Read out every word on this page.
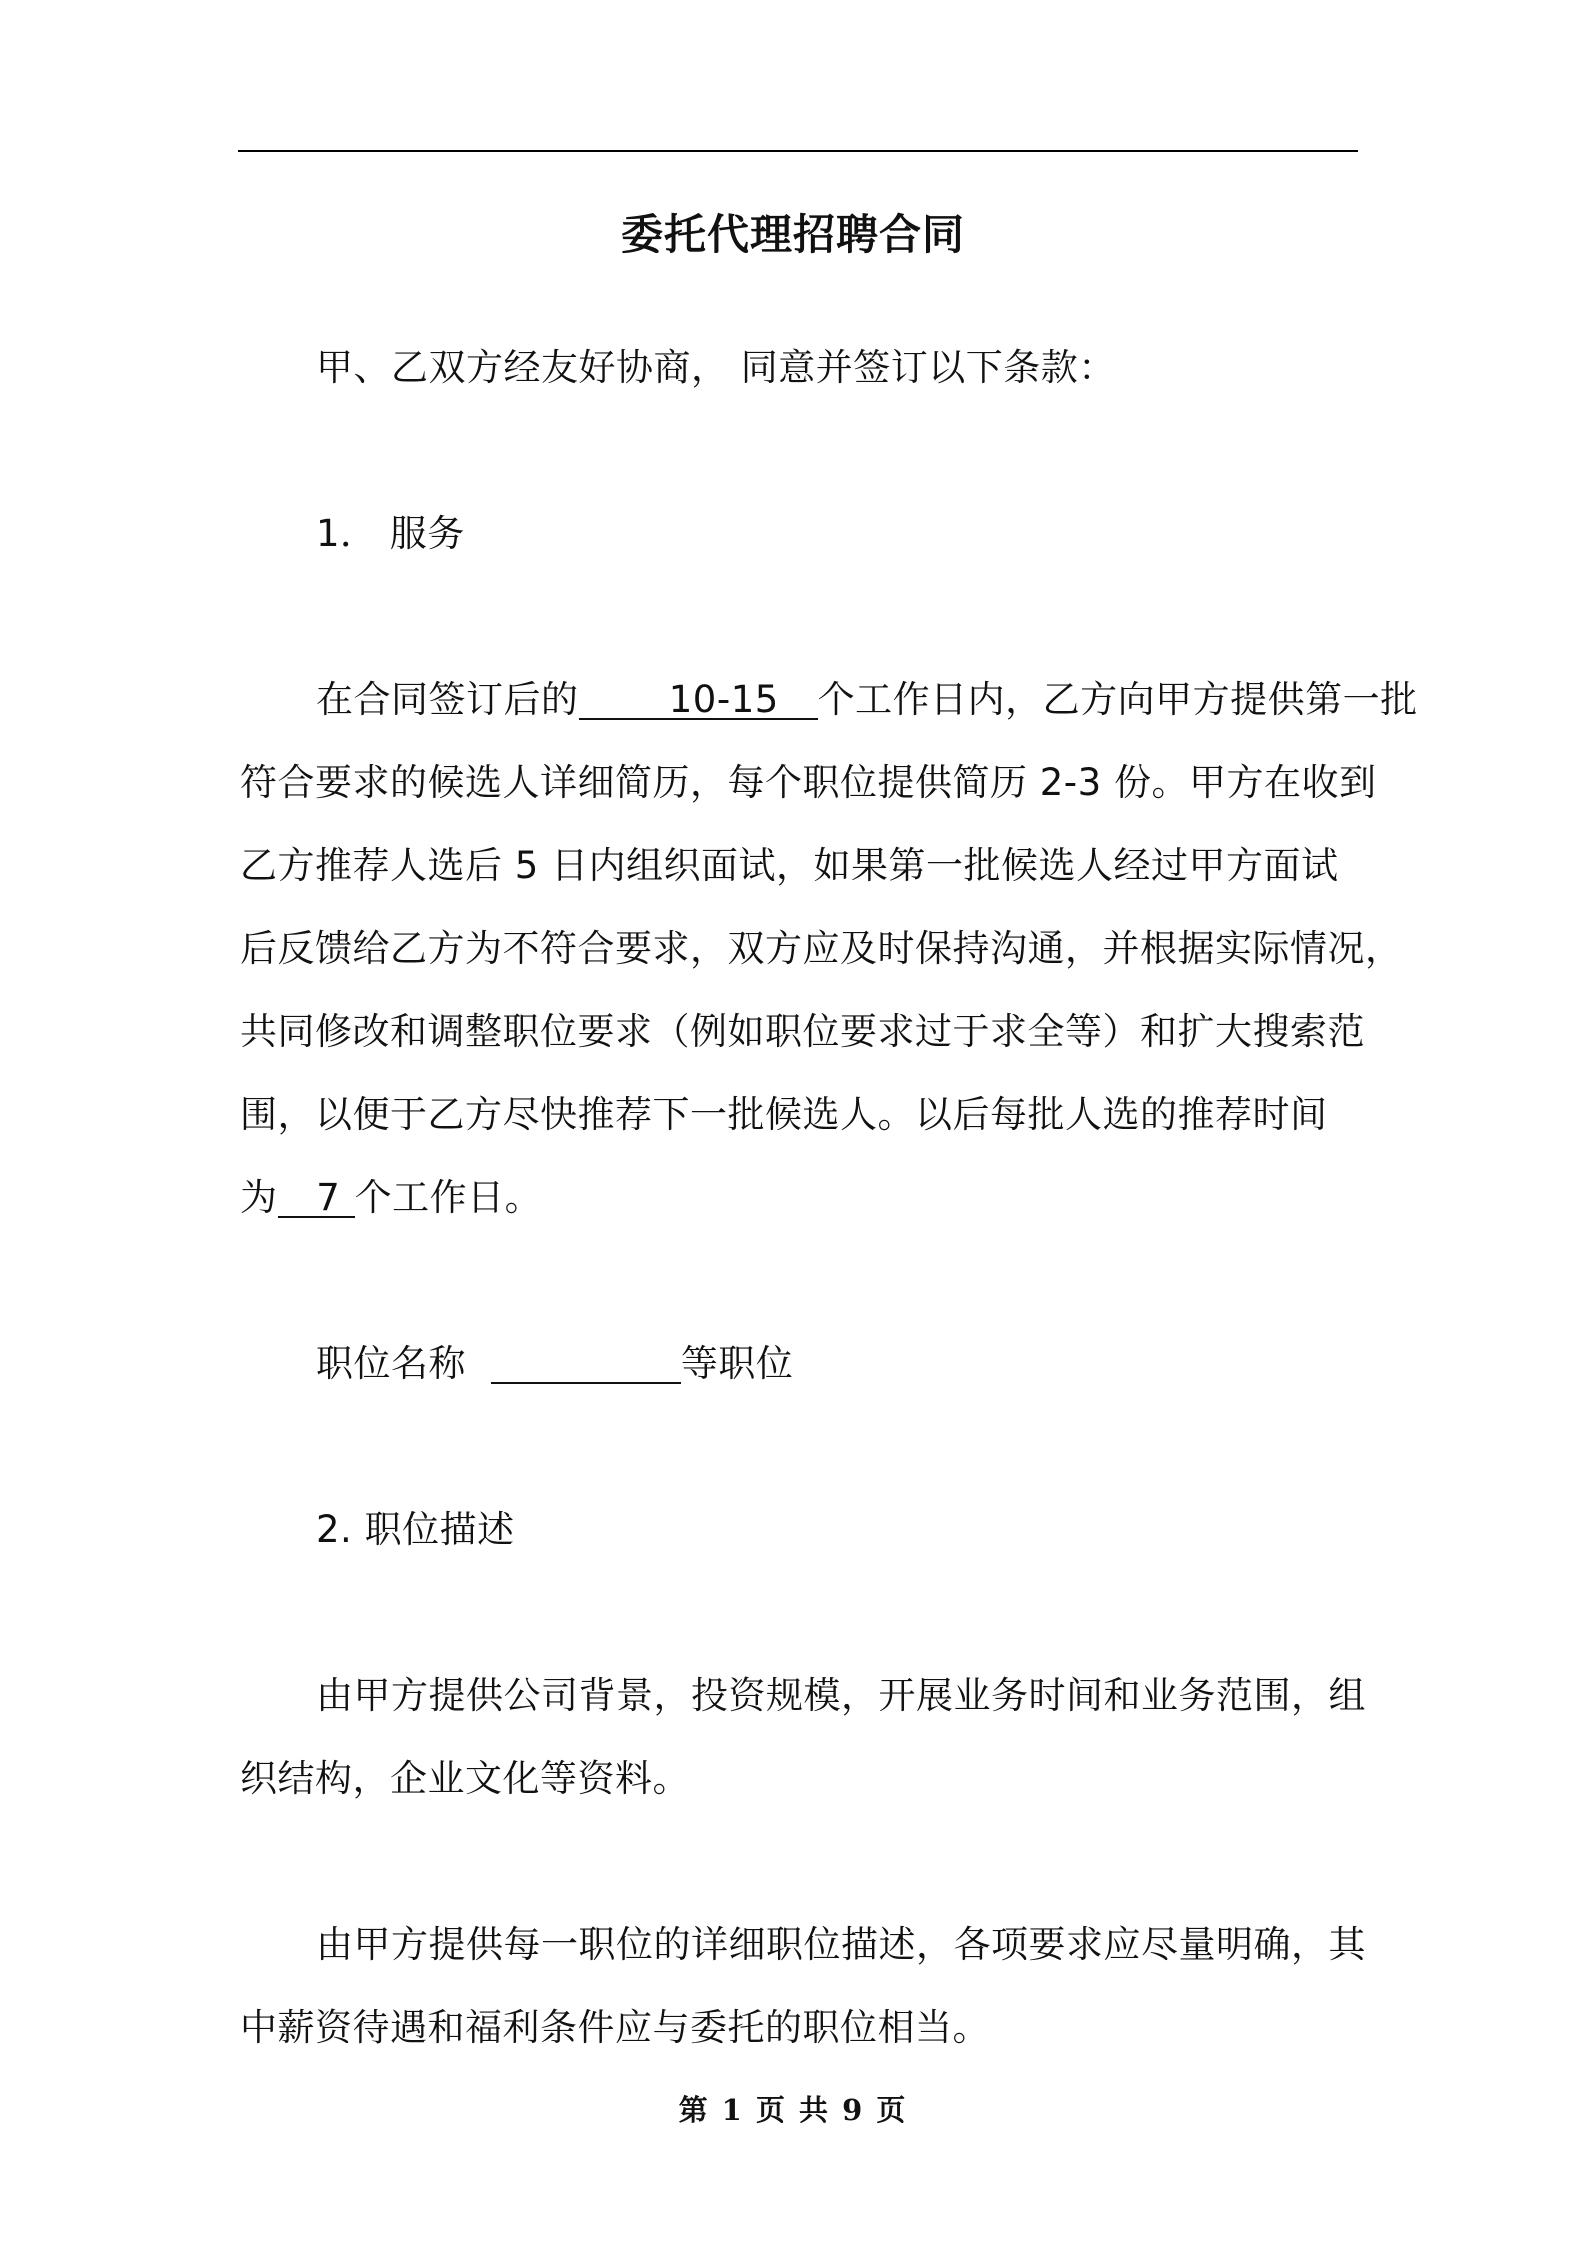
委托代理招聘合同

甲、乙双方经友好协商， 同意并签订以下条款：

1． 服务

在合同签订后的 10-15 个工作日内，乙方向甲方提供第一批
符合要求的候选人详细简历，每个职位提供简历 2-3 份。甲方在收到
乙方推荐人选后 5 日内组织面试，如果第一批候选人经过甲方面试
后反馈给乙方为不符合要求，双方应及时保持沟通，并根据实际情况，
共同修改和调整职位要求（例如职位要求过于求全等）和扩大搜索范
围，以便于乙方尽快推荐下一批候选人。以后每批人选的推荐时间
为 7 个工作日。

职位名称	等职位

2. 职位描述

由甲方提供公司背景，投资规模，开展业务时间和业务范围，组
织结构，企业文化等资料。
由甲方提供每一职位的详细职位描述，各项要求应尽量明确，其
中薪资待遇和福利条件应与委托的职位相当。
第 1 页 共 9 页
